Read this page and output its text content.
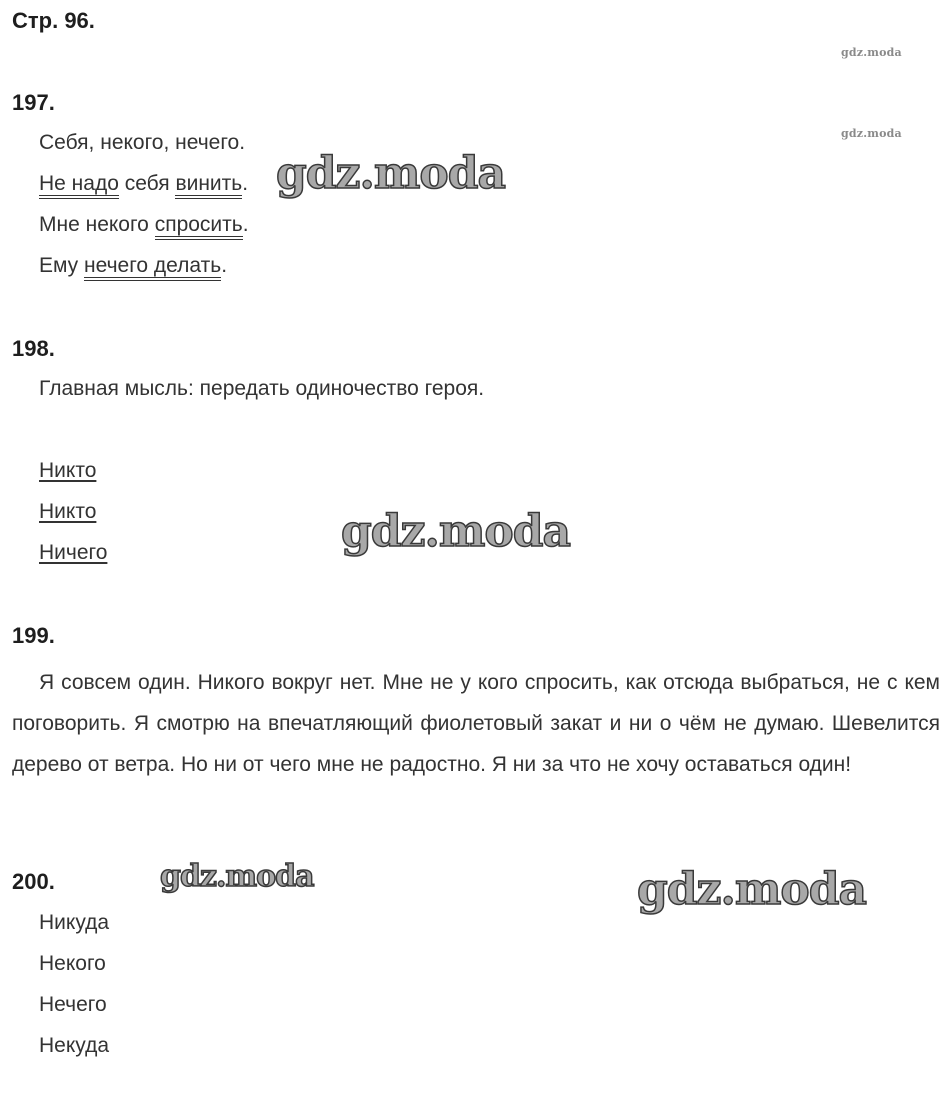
Стр. 96.
gdz.moda
gdz.moda
197.
Себя, некого, нечего.
Не надо себя винить.
Мне некого спросить.
Ему нечего делать.
198.
Главная мысль: передать одиночество героя.
Никто
Никто
Ничего
199.

Я совсем один. Никого вокруг нет. Мне не у кого спросить, как отсюда выбраться, не с кем поговорить. Я смотрю на впечатляющий фиолетовый закат и ни о чём не думаю. Шевелится дерево от ветра. Но ни от чего мне не радостно. Я ни за что не хочу оставаться один!

200.
Никуда
Некого
Нечего
Некуда
gdz.moda
gdz.moda
gdz.moda	gdz.moda
